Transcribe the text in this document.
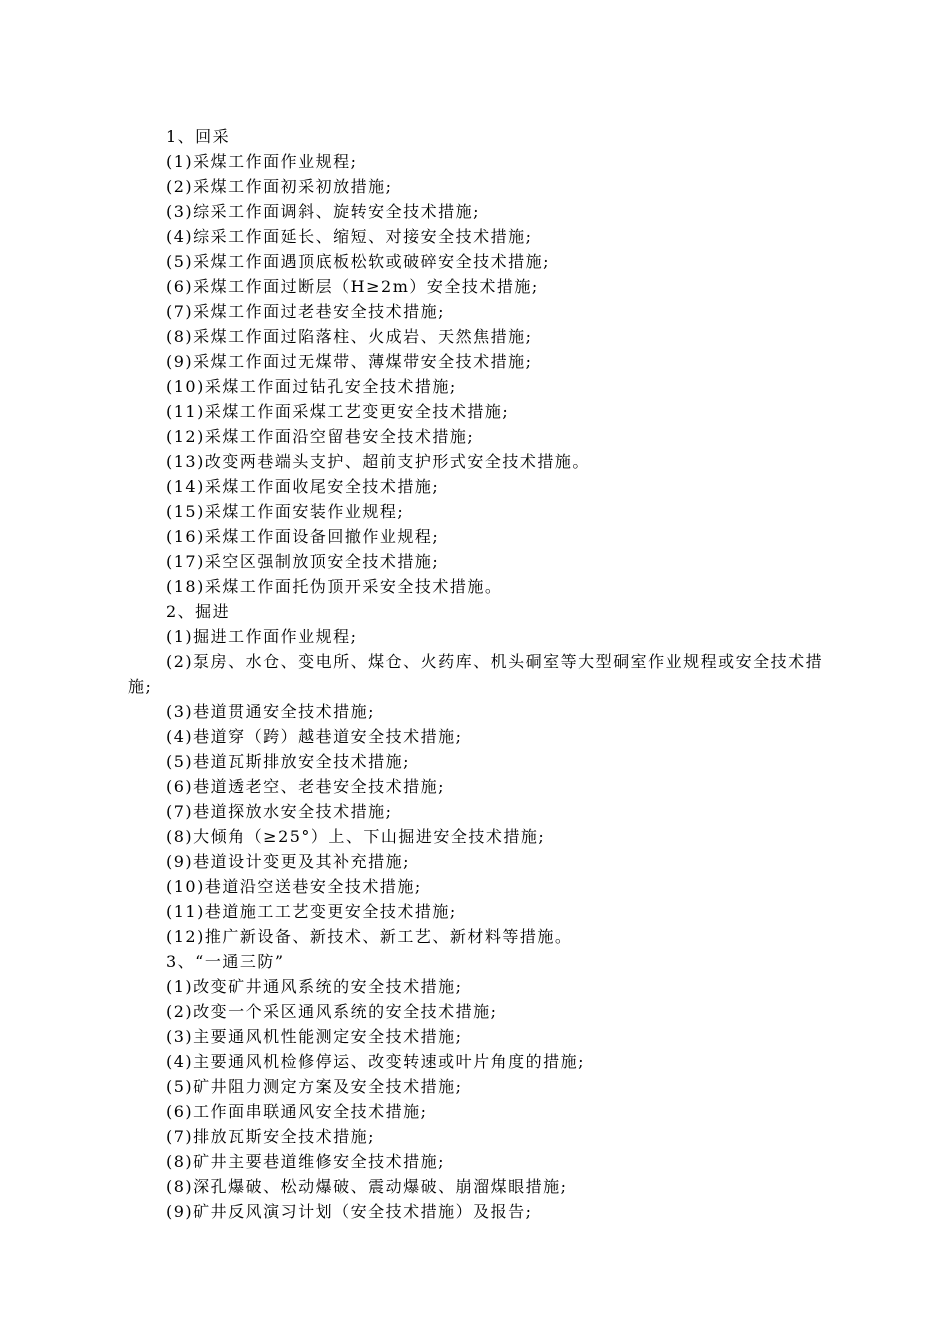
1、回采
(1)采煤工作面作业规程;
(2)采煤工作面初采初放措施;
(3)综采工作面调斜、旋转安全技术措施;
(4)综采工作面延长、缩短、对接安全技术措施;
(5)采煤工作面遇顶底板松软或破碎安全技术措施;
(6)采煤工作面过断层（H≥2m）安全技术措施;
(7)采煤工作面过老巷安全技术措施;
(8)采煤工作面过陷落柱、火成岩、天然焦措施;
(9)采煤工作面过无煤带、薄煤带安全技术措施;
(10)采煤工作面过钻孔安全技术措施;
(11)采煤工作面采煤工艺变更安全技术措施;
(12)采煤工作面沿空留巷安全技术措施;
(13)改变两巷端头支护、超前支护形式安全技术措施。
(14)采煤工作面收尾安全技术措施;
(15)采煤工作面安装作业规程;
(16)采煤工作面设备回撤作业规程;
(17)采空区强制放顶安全技术措施;
(18)采煤工作面托伪顶开采安全技术措施。
2、掘进
(1)掘进工作面作业规程;
(2)泵房、水仓、变电所、煤仓、火药库、机头硐室等大型硐室作业规程或安全技术措施;
(3)巷道贯通安全技术措施;
(4)巷道穿（跨）越巷道安全技术措施;
(5)巷道瓦斯排放安全技术措施;
(6)巷道透老空、老巷安全技术措施;
(7)巷道探放水安全技术措施;
(8)大倾角（≥25°）上、下山掘进安全技术措施;
(9)巷道设计变更及其补充措施;
(10)巷道沿空送巷安全技术措施;
(11)巷道施工工艺变更安全技术措施;
(12)推广新设备、新技术、新工艺、新材料等措施。
3、“一通三防”
(1)改变矿井通风系统的安全技术措施;
(2)改变一个采区通风系统的安全技术措施;
(3)主要通风机性能测定安全技术措施;
(4)主要通风机检修停运、改变转速或叶片角度的措施;
(5)矿井阻力测定方案及安全技术措施;
(6)工作面串联通风安全技术措施;
(7)排放瓦斯安全技术措施;
(8)矿井主要巷道维修安全技术措施;
(8)深孔爆破、松动爆破、震动爆破、崩溜煤眼措施;
(9)矿井反风演习计划（安全技术措施）及报告;
